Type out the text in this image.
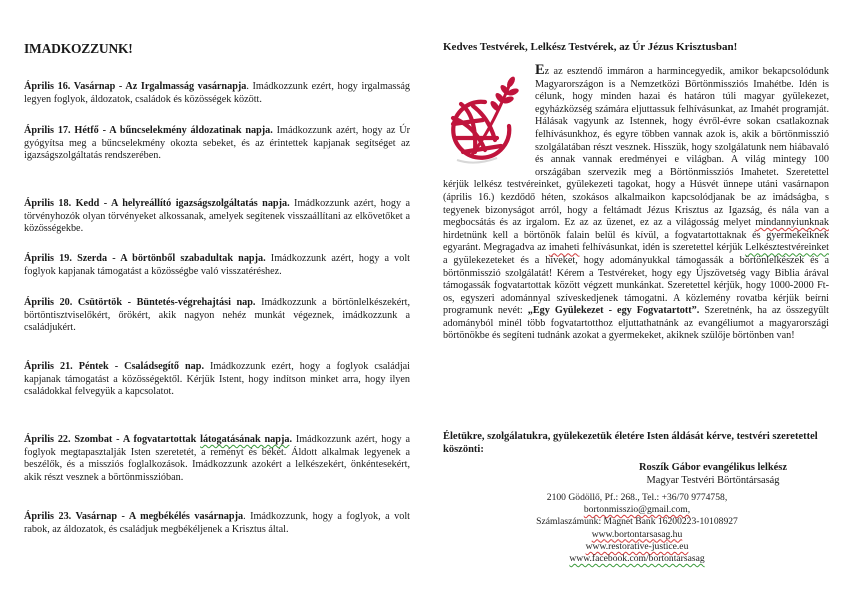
IMADKOZZUNK!
Április 16. Vasárnap - Az Irgalmasság vasárnapja. Imádkozzunk ezért, hogy irgalmasság legyen foglyok, áldozatok, családok és közösségek között.
Április 17. Hétfő - A bűncselekmény áldozatinak napja. Imádkozzunk azért, hogy az Úr gyógyítsa meg a bűncselekmény okozta sebeket, és az érintettek kapjanak segítséget az igazságszolgáltatás rendszerében.
Április 18. Kedd - A helyreállító igazságszolgáltatás napja. Imádkozzunk azért, hogy a törvényhozók olyan törvényeket alkossanak, amelyek segítenek visszaállítani az elkövetőket a közösségekbe.
Április 19. Szerda - A börtönből szabadultak napja. Imádkozzunk azért, hogy a volt foglyok kapjanak támogatást a közösségbe való visszatéréshez.
Április 20. Csütörtök - Büntetés-végrehajtási nap. Imádkozzunk a börtönlelkészekért, börtöntisztviselőkért, őrökért, akik nagyon nehéz munkát végeznek, imádkozzunk a családjukért.
Április 21. Péntek - Családsegítő nap. Imádkozzunk ezért, hogy a foglyok családjai kapjanak támogatást a közösségektől. Kérjük Istent, hogy indítson minket arra, hogy ilyen családokkal felvegyük a kapcsolatot.
Április 22. Szombat - A fogvatartottak látogatásának napja. Imádkozzunk azért, hogy a foglyok megtapasztalják Isten szeretetét, a reményt és békét. Áldott alkalmak legyenek a beszélők, és a missziós foglalkozások. Imádkozzunk azokért a lelkészekért, önkéntesekért, akik részt vesznek a börtönmisszióban.
Április 23. Vasárnap - A megbékélés vasárnapja. Imádkozzunk, hogy a foglyok, a volt rabok, az áldozatok, és családjuk megbékéljenek a Krisztus által.
Kedves Testvérek, Lelkész Testvérek, az Úr Jézus Krisztusban!
Ez az esztendő immáron a harmincegyedik, amikor bekapcsolódunk Magyarországon is a Nemzetközi Börtönmissziós Imahétbe. Idén is célunk, hogy minden hazai és határon túli magyar gyülekezet, egyházközség számára eljuttassuk felhívásunkat, az Imahét programját. Hálásak vagyunk az Istennek, hogy évről-évre sokan csatlakoznak felhívásunkhoz, és egyre többen vannak azok is, akik a börtönmisszió szolgálatában részt vesznek. Hisszük, hogy szolgálatunk nem hiábavaló és annak vannak eredményei e világban. A világ mintegy 100 országában szervezik meg a Börtönmissziós Imahetet. Szeretettel kérjük lelkész testvéreinket, gyülekezeti tagokat, hogy a Húsvét ünnepe utáni vasárnapon (április 16.) kezdődő héten, szokásos alkalmaikon kapcsolódjanak be az imádságba, s tegyenek bizonyságot arról, hogy a feltámadt Jézus Krisztus az Igazság, és nála van a megbocsátás és az irgalom. Ez az az üzenet, ez az a világosság melyet mindannyiunknak hirdetnünk kell a börtönök falain belül és kívül, a fogvatartottaknak és gyermekeiknek egyaránt. Megragadva az imaheti felhívásunkat, idén is szeretettel kérjük Lelkésztestvéreinket a gyülekezeteket és a híveket, hogy adományukkal támogassák a börtönlelkészek és a börtönmisszió szolgálatát! Kérem a Testvéreket, hogy egy Újszövetség vagy Biblia árával támogassák fogvatartottak között végzett munkánkat. Szeretettel kérjük, hogy 1000-2000 Ft-os, egyszeri adománnyal szíveskedjenek támogatni. A közlemény rovatba kérjük beírni programunk nevét: „Egy Gyülekezet - egy Fogvatartott”. Szeretnénk, ha az összegyűlt adományból minél több fogvatartotthoz eljuttathatnánk az evangéliumot a magyarországi börtönökbe és segíteni tudnánk azokat a gyermekeket, akiknek szülője börtönben van!
Életükre, szolgálatukra, gyülekezetük életére Isten áldását kérve, testvéri szeretettel köszönti:
Roszík Gábor evangélikus lelkész
Magyar Testvéri Börtöntársaság
2100 Gödöllő, Pf.: 268., Tel.: +36/70 9774758,
bortonmisszio@gmail.com,
Számlaszámunk: Magnet Bank 16200223-10108927
www.bortontarsasag.hu
www.restorative-justice.eu
www.facebook.com/bortontarsasag
